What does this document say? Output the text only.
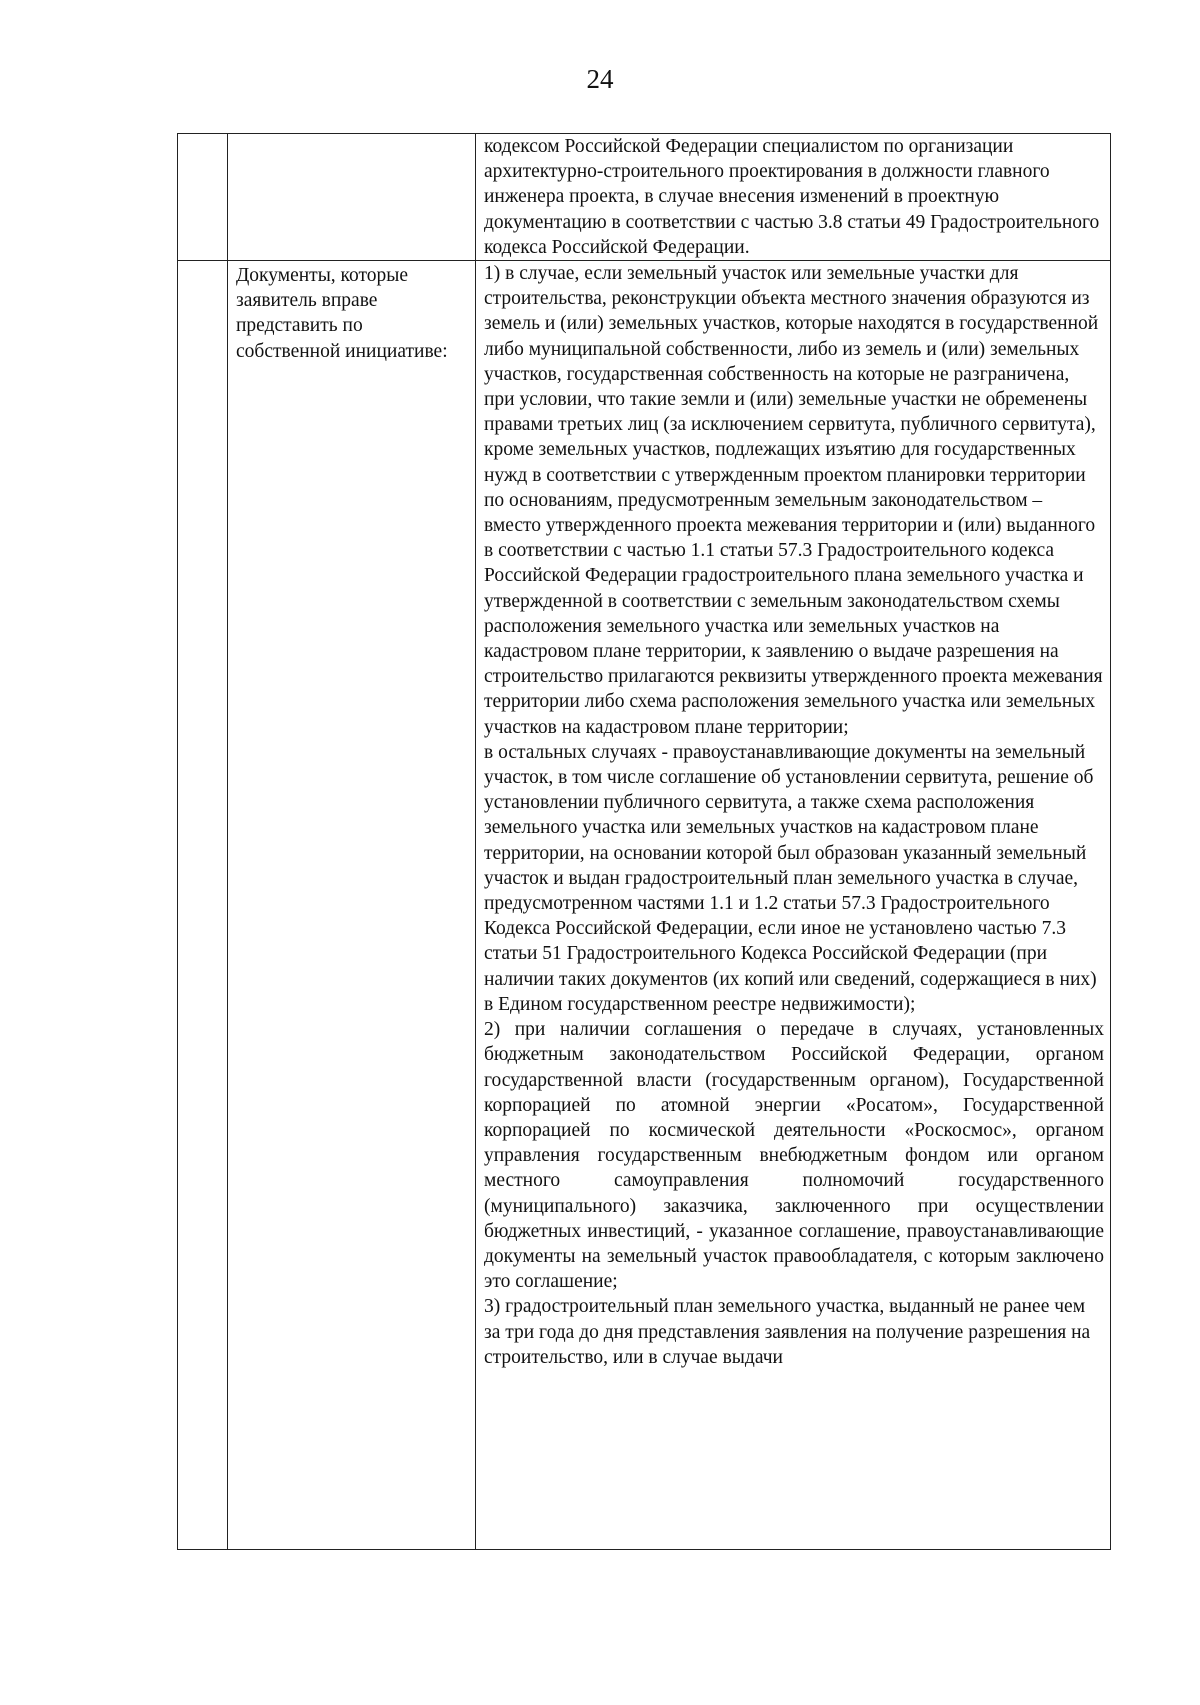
24

		кодексом Российской Федерации специалистом по организации архитектурно-строительного проектирования в должности главного инженера проекта, в случае внесения изменений в проектную документацию в соответствии с частью 3.8 статьи 49 Градостроительного кодекса Российской Федерации.

	Документы, которые заявитель вправе представить по собственной инициативе:	1) в случае, если земельный участок или земельные участки для строительства, реконструкции объекта местного значения образуются из земель и (или) земельных участков, которые находятся в государственной либо муниципальной собственности, либо из земель и (или) земельных участков, государственная собственность на которые не разграничена, при условии, что такие земли и (или) земельные участки не обременены правами третьих лиц (за исключением сервитута, публичного сервитута), кроме земельных участков, подлежащих изъятию для государственных нужд в соответствии с утвержденным проектом планировки территории по основаниям, предусмотренным земельным законодательством – вместо утвержденного проекта межевания территории и (или) выданного в соответствии с частью 1.1 статьи 57.3 Градостроительного кодекса Российской Федерации градостроительного плана земельного участка и утвержденной в соответствии с земельным законодательством схемы расположения земельного участка или земельных участков на кадастровом плане территории, к заявлению о выдаче разрешения на строительство прилагаются реквизиты утвержденного проекта межевания территории либо схема расположения земельного участка или земельных участков на кадастровом плане территории;

в остальных случаях - правоустанавливающие документы на земельный участок, в том числе соглашение об установлении сервитута, решение об установлении публичного сервитута, а также схема расположения земельного участка или земельных участков на кадастровом плане территории, на основании которой был образован указанный земельный участок и выдан градостроительный план земельного участка в случае, предусмотренном частями 1.1 и 1.2 статьи 57.3 Градостроительного Кодекса Российской Федерации, если иное не установлено частью 7.3 статьи 51 Градостроительного Кодекса Российской Федерации (при наличии таких документов (их копий или сведений, содержащиеся в них) в Едином государственном реестре недвижимости);

2) при наличии соглашения о передаче в случаях, установленных бюджетным законодательством Российской Федерации, органом государственной власти (государственным органом), Государственной корпорацией по атомной энергии «Росатом», Государственной корпорацией по космической деятельности «Роскосмос», органом управления государственным внебюджетным фондом или органом местного самоуправления полномочий государственного (муниципального) заказчика, заключенного при осуществлении бюджетных инвестиций, - указанное соглашение, правоустанавливающие документы на земельный участок правообладателя, с которым заключено это соглашение;

3) градостроительный план земельного участка, выданный не ранее чем за три года до дня представления заявления на получение разрешения на строительство, или в случае выдачи
